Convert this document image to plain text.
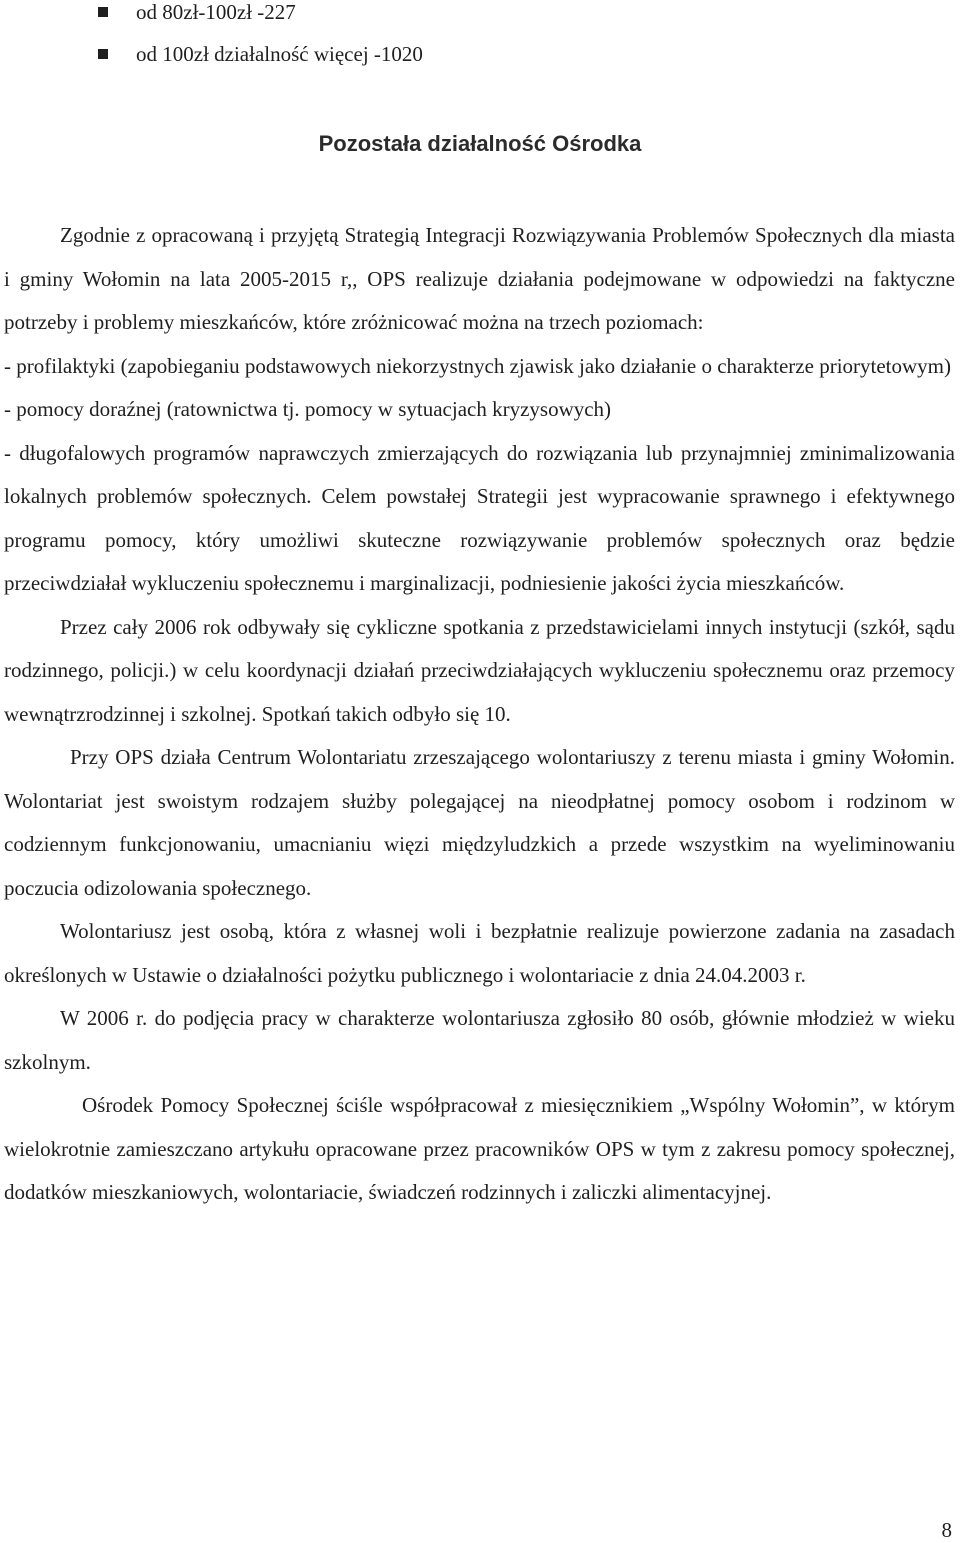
od 80zł-100zł -227
od 100zł działalność więcej -1020
Pozostała działalność Ośrodka

Zgodnie z opracowaną i przyjętą Strategią Integracji Rozwiązywania Problemów Społecznych dla miasta i gminy Wołomin na lata 2005-2015 r,, OPS realizuje działania podejmowane w odpowiedzi na faktyczne potrzeby i problemy mieszkańców, które zróżnicować można na trzech poziomach:

- profilaktyki (zapobieganiu podstawowych niekorzystnych zjawisk jako działanie o charakterze priorytetowym)

- pomocy doraźnej (ratownictwa tj. pomocy w sytuacjach kryzysowych)

- długofalowych programów naprawczych zmierzających do rozwiązania lub przynajmniej zminimalizowania lokalnych problemów społecznych. Celem powstałej Strategii jest wypracowanie sprawnego i efektywnego programu pomocy, który umożliwi skuteczne rozwiązywanie problemów społecznych oraz będzie przeciwdziałał wykluczeniu społecznemu i marginalizacji, podniesienie jakości życia mieszkańców.

Przez cały 2006 rok odbywały się cykliczne spotkania z przedstawicielami innych instytucji (szkół, sądu rodzinnego, policji.) w celu koordynacji działań przeciwdziałających wykluczeniu społecznemu oraz przemocy wewnątrzrodzinnej i szkolnej. Spotkań takich odbyło się 10.

Przy OPS działa Centrum Wolontariatu zrzeszającego wolontariuszy z terenu miasta i gminy Wołomin. Wolontariat jest swoistym rodzajem służby polegającej na nieodpłatnej pomocy osobom i rodzinom w codziennym funkcjonowaniu, umacnianiu więzi międzyludzkich a przede wszystkim na wyeliminowaniu poczucia odizolowania społecznego.

Wolontariusz jest osobą, która z własnej woli i bezpłatnie realizuje powierzone zadania na zasadach określonych w Ustawie o działalności pożytku publicznego i wolontariacie z dnia 24.04.2003 r.

W 2006 r. do podjęcia pracy w charakterze wolontariusza zgłosiło 80 osób, głównie młodzież w wieku szkolnym.

Ośrodek Pomocy Społecznej ściśle współpracował z miesięcznikiem „Wspólny Wołomin”, w którym wielokrotnie zamieszczano artykułu opracowane przez pracowników OPS w tym z zakresu pomocy społecznej, dodatków mieszkaniowych, wolontariacie, świadczeń rodzinnych i zaliczki alimentacyjnej.

8
